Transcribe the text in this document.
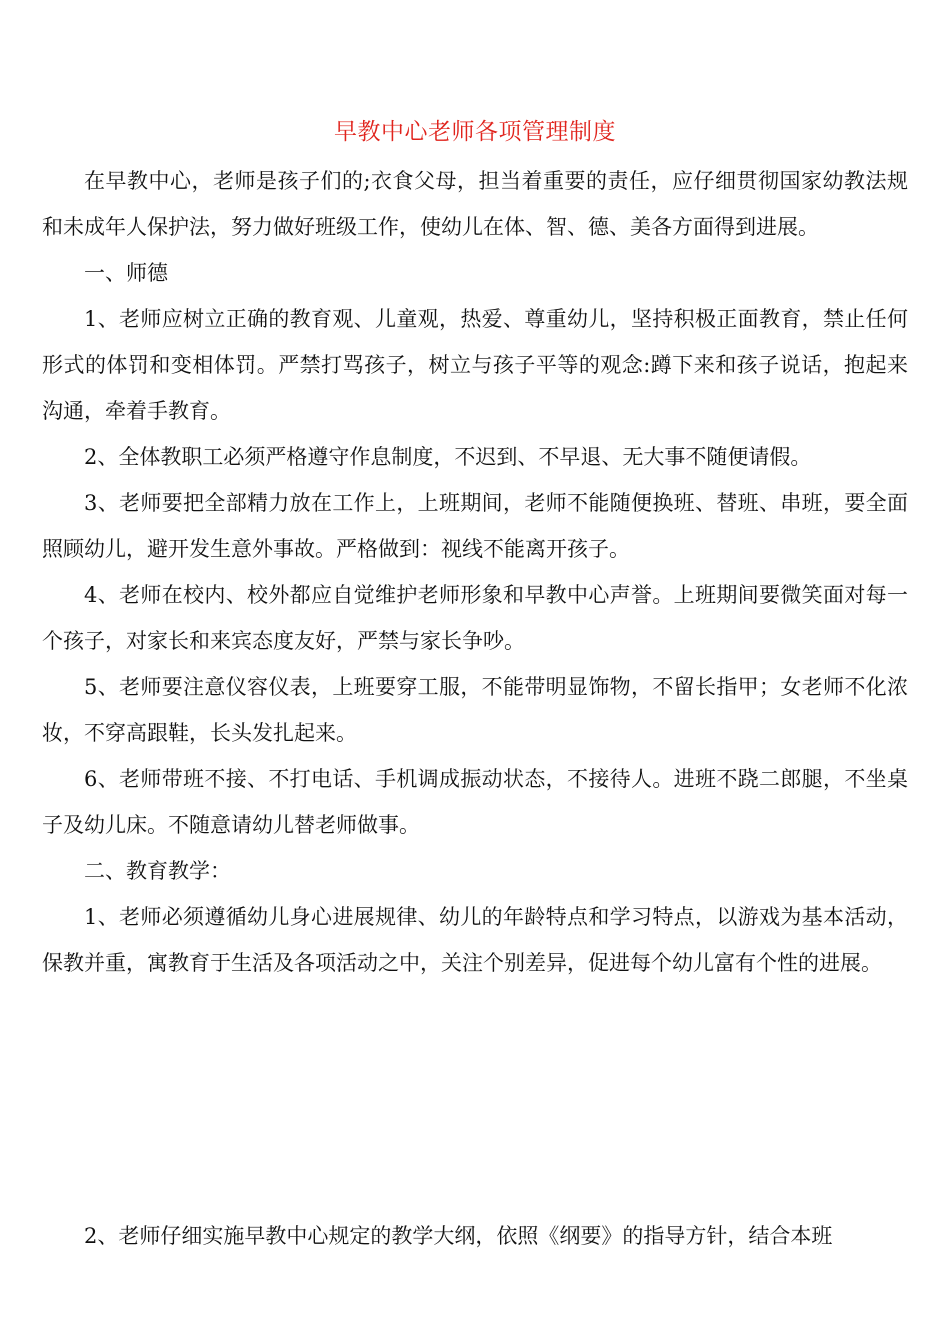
早教中心老师各项管理制度

在早教中心，老师是孩子们的;衣食父母，担当着重要的责任，应仔细贯彻国家幼教法规和未成年人保护法，努力做好班级工作，使幼儿在体、智、德、美各方面得到进展。

一、师德

1、老师应树立正确的教育观、儿童观，热爱、尊重幼儿，坚持积极正面教育，禁止任何形式的体罚和变相体罚。严禁打骂孩子，树立与孩子平等的观念:蹲下来和孩子说话，抱起来沟通，牵着手教育。

2、全体教职工必须严格遵守作息制度，不迟到、不早退、无大事不随便请假。

3、老师要把全部精力放在工作上，上班期间，老师不能随便换班、替班、串班，要全面照顾幼儿，避开发生意外事故。严格做到：视线不能离开孩子。

4、老师在校内、校外都应自觉维护老师形象和早教中心声誉。上班期间要微笑面对每一个孩子，对家长和来宾态度友好，严禁与家长争吵。

5、老师要注意仪容仪表，上班要穿工服，不能带明显饰物，不留长指甲；女老师不化浓妆，不穿高跟鞋，长头发扎起来。

6、老师带班不接、不打电话、手机调成振动状态，不接待人。进班不跷二郎腿，不坐桌子及幼儿床。不随意请幼儿替老师做事。

二、教育教学：

1、老师必须遵循幼儿身心进展规律、幼儿的年龄特点和学习特点，以游戏为基本活动，保教并重，寓教育于生活及各项活动之中，关注个别差异，促进每个幼儿富有个性的进展。

2、老师仔细实施早教中心规定的教学大纲，依照《纲要》的指导方针，结合本班
